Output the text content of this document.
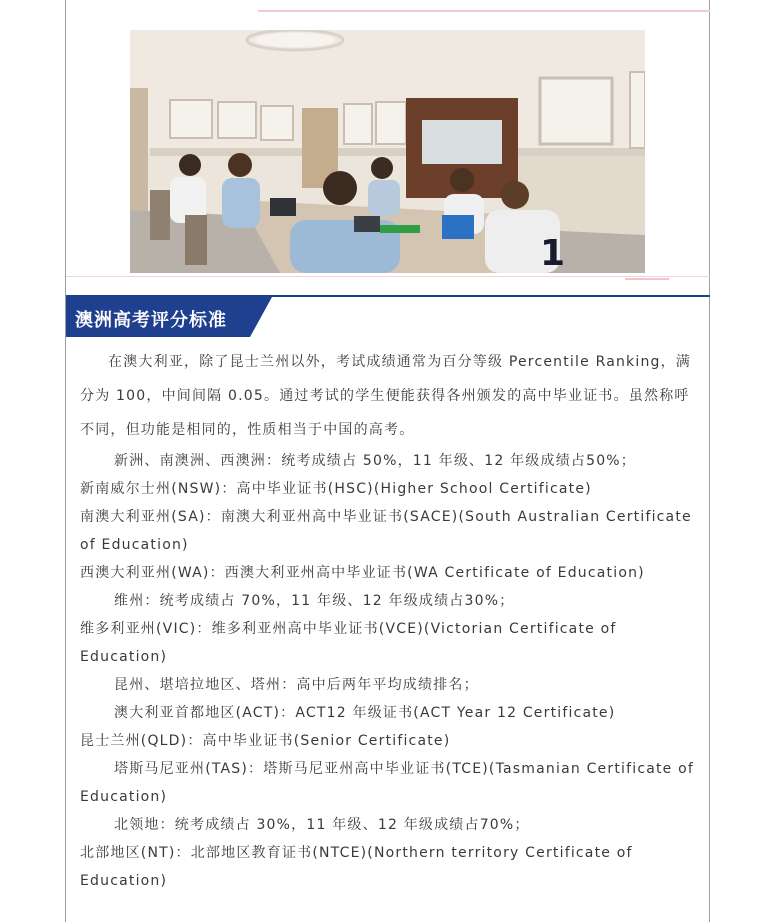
1
澳洲高考评分标准

在澳大利亚，除了昆士兰州以外，考试成绩通常为百分等级 Percentile Ranking，满分为 100，中间间隔 0.05。通过考试的学生便能获得各州颁发的高中毕业证书。虽然称呼不同，但功能是相同的，性质相当于中国的高考。

新洲、南澳洲、西澳洲：统考成绩占 50%，11 年级、12 年级成绩占50%；

新南威尔士州(NSW)：高中毕业证书(HSC)(Higher School Certificate)

南澳大利亚州(SA)：南澳大利亚州高中毕业证书(SACE)(South Australian Certificate of Education)

西澳大利亚州(WA)：西澳大利亚州高中毕业证书(WA Certificate of Education)

维州：统考成绩占 70%，11 年级、12 年级成绩占30%；

维多利亚州(VIC)：维多利亚州高中毕业证书(VCE)(Victorian Certificate of Education)

昆州、堪培拉地区、塔州：高中后两年平均成绩排名；

澳大利亚首都地区(ACT)：ACT12 年级证书(ACT Year 12 Certificate)

昆士兰州(QLD)：高中毕业证书(Senior Certificate)

塔斯马尼亚州(TAS)：塔斯马尼亚州高中毕业证书(TCE)(Tasmanian Certificate of Education)

北领地：统考成绩占 30%，11 年级、12 年级成绩占70%；

北部地区(NT)：北部地区教育证书(NTCE)(Northern territory Certificate of Education)
